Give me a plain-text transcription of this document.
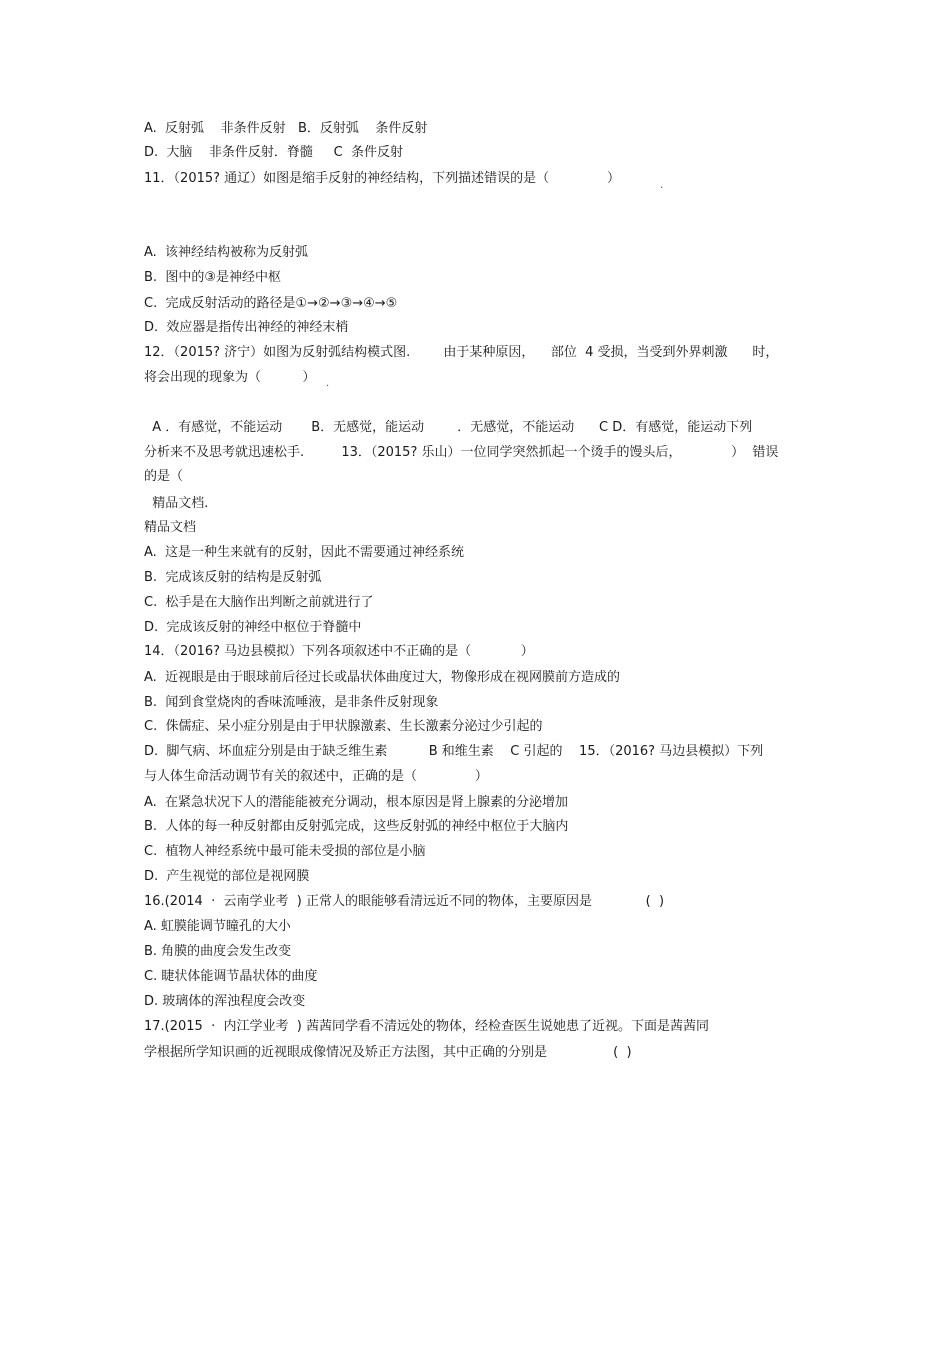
A.  反射弧    非条件反射   B．反射弧    条件反射
D.  大脑    非条件反射．脊髓     C  条件反射
11．（2015? 通辽）如图是缩手反射的神经结构，下列描述错误的是（              ）	.
A.  该神经结构被称为反射弧
B.  图中的③是神经中枢
C.  完成反射活动的路径是①→②→③→④→⑤
D.  效应器是指传出神经的神经末梢
12．（2015? 济宁）如图为反射弧结构模式图.        由于某种原因，    部位  4 受损，当受到外界刺激      时，
将会出现的现象为（          ） .
A ．有感觉，不能运动       B．无感觉，能运动        ．无感觉，不能运动      C D．有感觉，能运动下列
分析来不及思考就迅速松手.         13．（2015? 乐山）一位同学突然抓起一个烫手的馒头后，            ）  错误
的是（
精品文档.
精品文档
A.  这是一种生来就有的反射，因此不需要通过神经系统
B.  完成该反射的结构是反射弧
C.  松手是在大脑作出判断之前就进行了
D.  完成该反射的神经中枢位于脊髓中
14．（2016? 马边县模拟）下列各项叙述中不正确的是（            ）
A.  近视眼是由于眼球前后径过长或晶状体曲度过大，物像形成在视网膜前方造成的
B.  闻到食堂烧肉的香味流唾液，是非条件反射现象
C.  侏儒症、呆小症分别是由于甲状腺激素、生长激素分泌过少引起的
D.  脚气病、坏血症分别是由于缺乏维生素          B 和维生素    C 引起的    15．（2016? 马边县模拟）下列
与人体生命活动调节有关的叙述中，正确的是（              ）
A.  在紧急状况下人的潜能能被充分调动，根本原因是肾上腺素的分泌增加
B.  人体的每一种反射都由反射弧完成，这些反射弧的神经中枢位于大脑内
C.  植物人神经系统中最可能未受损的部位是小脑
D.  产生视觉的部位是视网膜
16.(2014  ·  云南学业考  ) 正常人的眼能够看清远近不同的物体，主要原因是             (  )
A. 虹膜能调节瞳孔的大小
B. 角膜的曲度会发生改变
C. 睫状体能调节晶状体的曲度
D. 玻璃体的浑浊程度会改变
17.(2015  ·  内江学业考  ) 茜茜同学看不清远处的物体，经检查医生说她患了近视。下面是茜茜同
学根据所学知识画的近视眼成像情况及矫正方法图，其中正确的分别是                (  )
